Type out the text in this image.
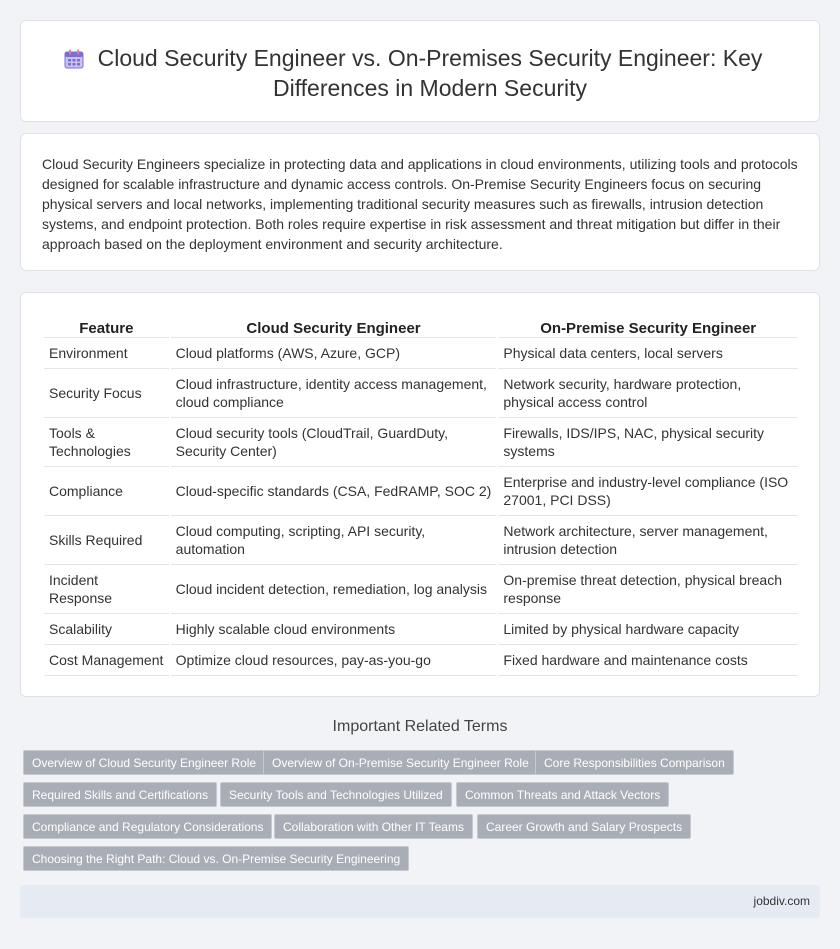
Cloud Security Engineer vs. On-Premises Security Engineer: Key Differences in Modern Security

Cloud Security Engineers specialize in protecting data and applications in cloud environments, utilizing tools and protocols designed for scalable infrastructure and dynamic access controls. On-Premise Security Engineers focus on securing physical servers and local networks, implementing traditional security measures such as firewalls, intrusion detection systems, and endpoint protection. Both roles require expertise in risk assessment and threat mitigation but differ in their approach based on the deployment environment and security architecture.

Feature	Cloud Security Engineer	On-Premise Security Engineer
Environment	Cloud platforms (AWS, Azure, GCP)	Physical data centers, local servers
Security Focus	Cloud infrastructure, identity access management, cloud compliance	Network security, hardware protection, physical access control
Tools & Technologies	Cloud security tools (CloudTrail, GuardDuty, Security Center)	Firewalls, IDS/IPS, NAC, physical security systems
Compliance	Cloud-specific standards (CSA, FedRAMP, SOC 2)	Enterprise and industry-level compliance (ISO 27001, PCI DSS)
Skills Required	Cloud computing, scripting, API security, automation	Network architecture, server management, intrusion detection
Incident Response	Cloud incident detection, remediation, log analysis	On-premise threat detection, physical breach response
Scalability	Highly scalable cloud environments	Limited by physical hardware capacity
Cost Management	Optimize cloud resources, pay-as-you-go	Fixed hardware and maintenance costs
Important Related Terms
Overview of Cloud Security Engineer Role	Overview of On-Premise Security Engineer Role	Core Responsibilities Comparison
Required Skills and Certifications	Security Tools and Technologies Utilized	Common Threats and Attack Vectors
Compliance and Regulatory Considerations	Collaboration with Other IT Teams	Career Growth and Salary Prospects
Choosing the Right Path: Cloud vs. On-Premise Security Engineering
jobdiv.com
